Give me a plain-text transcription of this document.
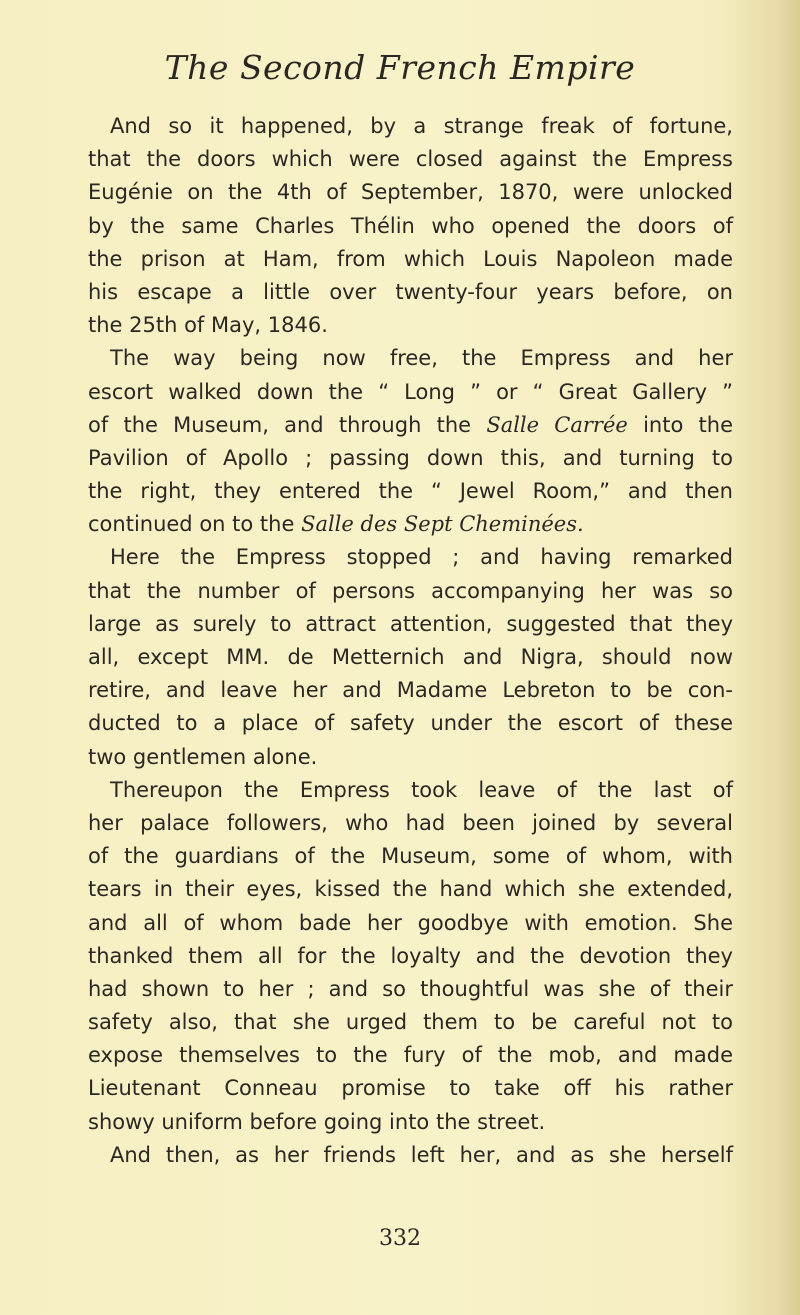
The Second French Empire
And so it happened, by a strange freak of fortune,
that the doors which were closed against the Empress
Eugénie on the 4th of September, 1870, were unlocked
by the same Charles Thélin who opened the doors of
the prison at Ham, from which Louis Napoleon made
his escape a little over twenty-four years before, on
the 25th of May, 1846.
The way being now free, the Empress and her
escort walked down the “ Long ” or “ Great Gallery ”
of the Museum, and through the Salle Carrée into the
Pavilion of Apollo ; passing down this, and turning to
the right, they entered the “ Jewel Room,” and then
continued on to the Salle des Sept Cheminées.
Here the Empress stopped ; and having remarked
that the number of persons accompanying her was so
large as surely to attract attention, suggested that they
all, except MM. de Metternich and Nigra, should now
retire, and leave her and Madame Lebreton to be con-
ducted to a place of safety under the escort of these
two gentlemen alone.
Thereupon the Empress took leave of the last of
her palace followers, who had been joined by several
of the guardians of the Museum, some of whom, with
tears in their eyes, kissed the hand which she extended,
and all of whom bade her goodbye with emotion. She
thanked them all for the loyalty and the devotion they
had shown to her ; and so thoughtful was she of their
safety also, that she urged them to be careful not to
expose themselves to the fury of the mob, and made
Lieutenant Conneau promise to take off his rather
showy uniform before going into the street.
And then, as her friends left her, and as she herself
332
